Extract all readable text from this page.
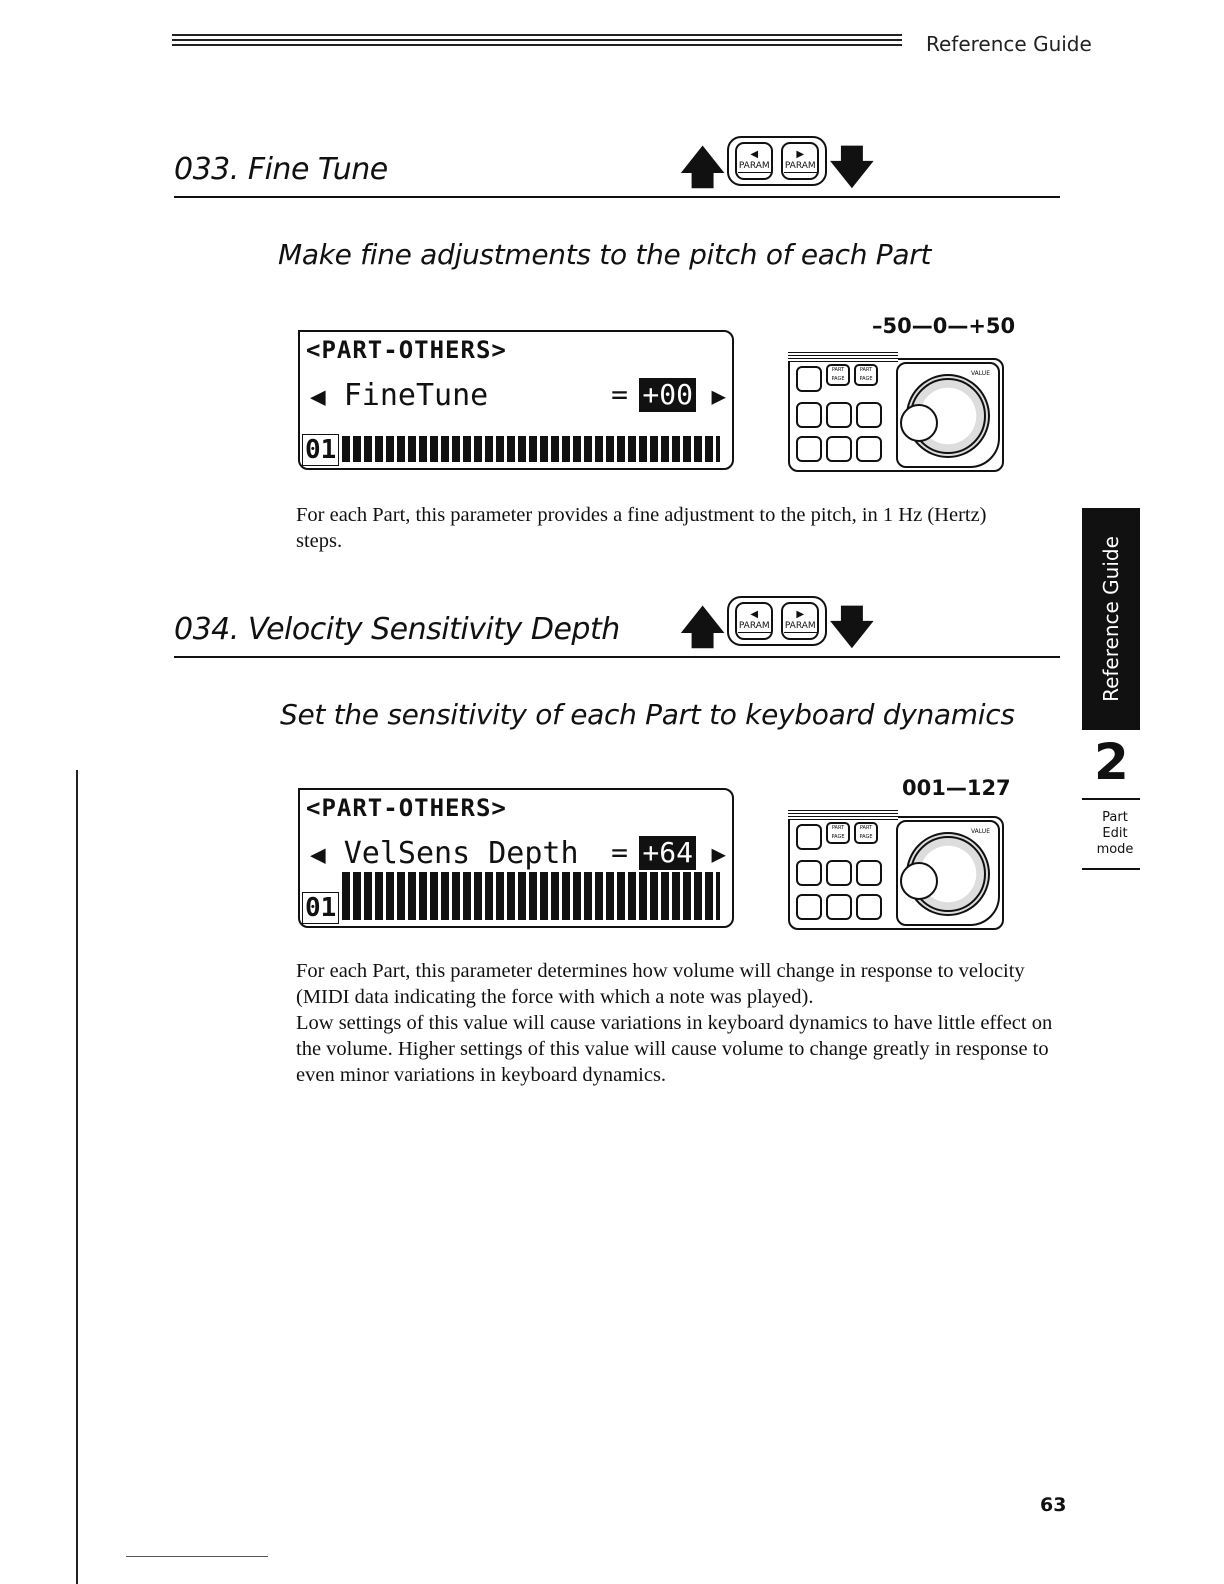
Reference Guide
033. Fine Tune	🡅	◀
PARAM
▶
PARAM 🡇
Make fine adjustments to the pitch of each Part
–50—0—+50
<PART-OTHERS>
◀ FineTune	= +00 ▶
01
PART
PAGE
PART
PAGE
VALUE

For each Part, this parameter provides a fine adjustment to the pitch, in 1 Hz (Hertz) steps.

034. Velocity Sensitivity Depth 🡅	◀
PARAM
▶
PARAM 🡇
Set the sensitivity of each Part to keyboard dynamics
001—127
<PART-OTHERS>
◀ VelSens Depth = +64 ▶
01
PART
PAGE
PART
PAGE
VALUE

For each Part, this parameter determines how volume will change in response to velocity (MIDI data indicating the force with which a note was played).

Low settings of this value will cause variations in keyboard dynamics to have little effect on the volume. Higher settings of this value will cause volume to change greatly in response to even minor variations in keyboard dynamics.

Reference Guide
2
Part
Edit
mode
63
